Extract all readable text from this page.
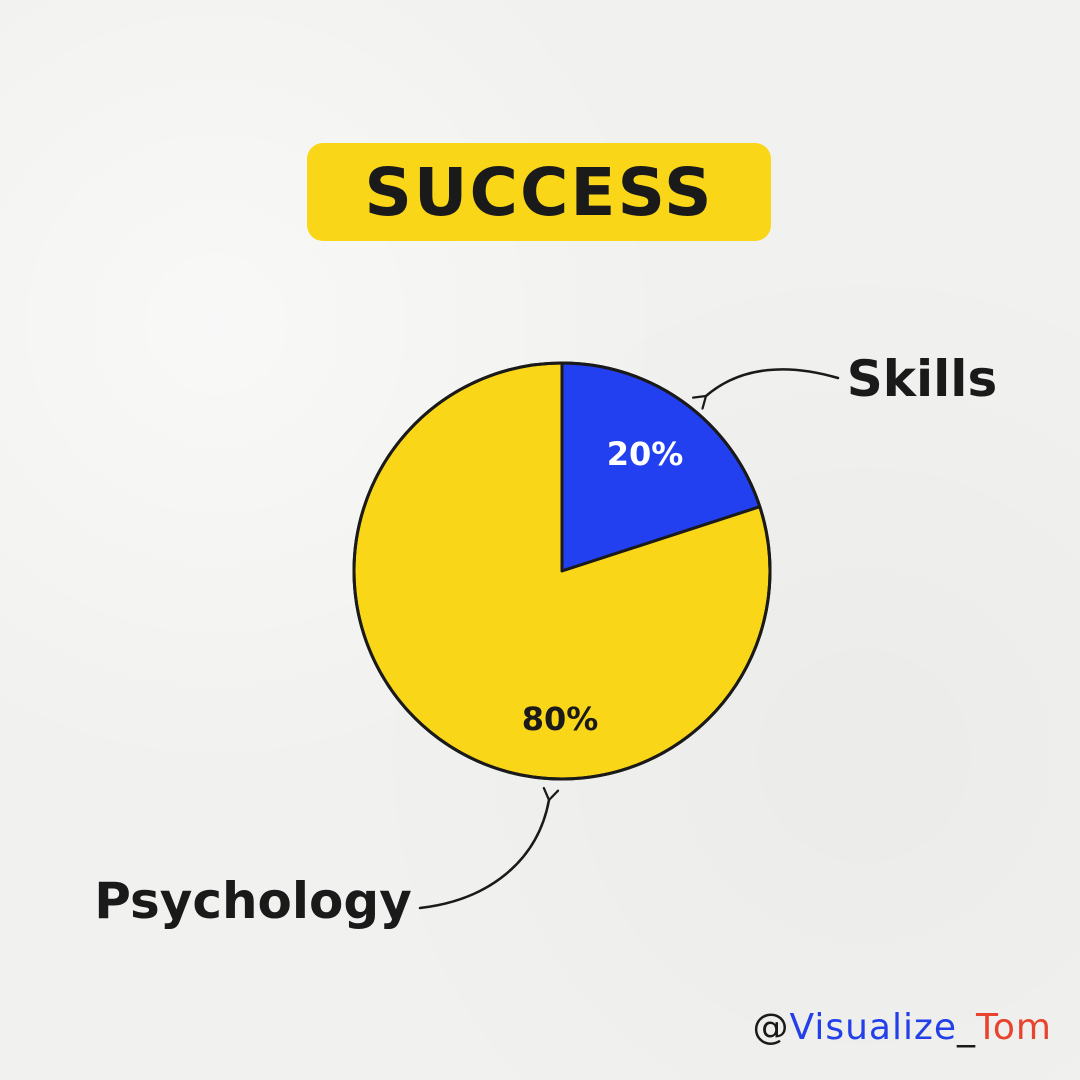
SUCCESS
20%
80%
Skills
Psychology
@Visualize_Tom
